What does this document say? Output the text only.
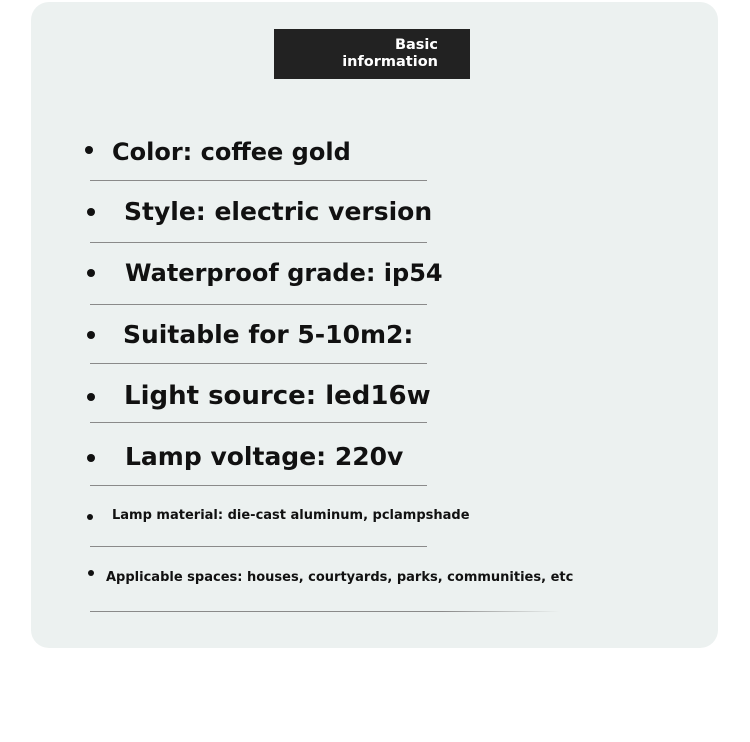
Basic
information
Color: coffee gold
Style: electric version
Waterproof grade: ip54
Suitable for 5-10m2:
Light source: led16w
Lamp voltage: 220v
Lamp material: die-cast aluminum, pclampshade
Applicable spaces: houses, courtyards, parks, communities, etc
